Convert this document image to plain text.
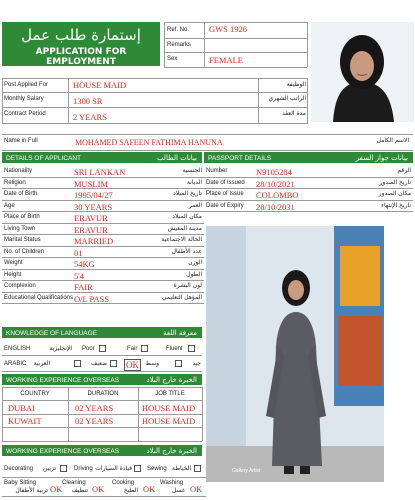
إستمارة طلب عمل
APPLICATION FOR EMPLOYMENT
Ref. No. GWS 1926
Remarks
Sex	FEMALE
Post Applied For	HOUSE MAID	الوظيفة
Monthly Salary	1300 SR	الراتب الشهري
Contract Period	2 YEARS	مدة العقد
Name in Full	MOHAMED SAFEEN FATHIMA HANUNA	الاسم الكامل
DETAILS OF APPLICANT	بيانات الطالب PASSPORT DETAILS	بيانات جواز السفر
Nationality	SRI LANKAN	الجنسية
Religion	MUSLIM	الديانة
Date of Birth	1995/04/27	تاريخ الميلاد
Age	30 YEARS	العمر
Place of Birth	ERAVUR	مكان الميلاد
Living Town	ERAVUR	مدينة المعيش
Marital Status	MARRIED	الحالة الاجتماعية
No. of Children	01	عدد الأطفال
Weight	54KG	الوزن
Height	5'4	الطول
Complexion	FAIR	لون البشرة
Educational Qualifications O/L PASS	المؤهل التعليمي
Number	N9105284	الرقم
Date of Issued 28/10/2021	تاريخ الصدور
Place of Issue COLOMBO	مكان الصدور
Date of Expiry 28/10/2031	تاريخ الإنتهاء
Gallery Artist
KNOWLEDGE OF LANGUAGE	معرفة اللغة
ENGLISH	الإنجليزية Poor	Fair	Fluent
ARABIC العربية	ضعيف OK	وسط	جيد
WORKING EXPERIENCE OVERSEAS	الخبرة خارج البلاد
COUNTRY	DURATION	JOB TITLE
DUBAI	02 YEARS	HOUSE MAID
KUWAIT	02 YEARS	HOUSE MAID
WORKING EXPERIENCE OVERSEAS	الخبرة خارج البلاد
Decorating تزيين	Driving قيادة السيارات	Sewing الخياطة
Baby Sitting
تربية الأطفال OK
Cleaning
تنظيف OK
Cooking
الطبخ OK
Washing
غسل OK
